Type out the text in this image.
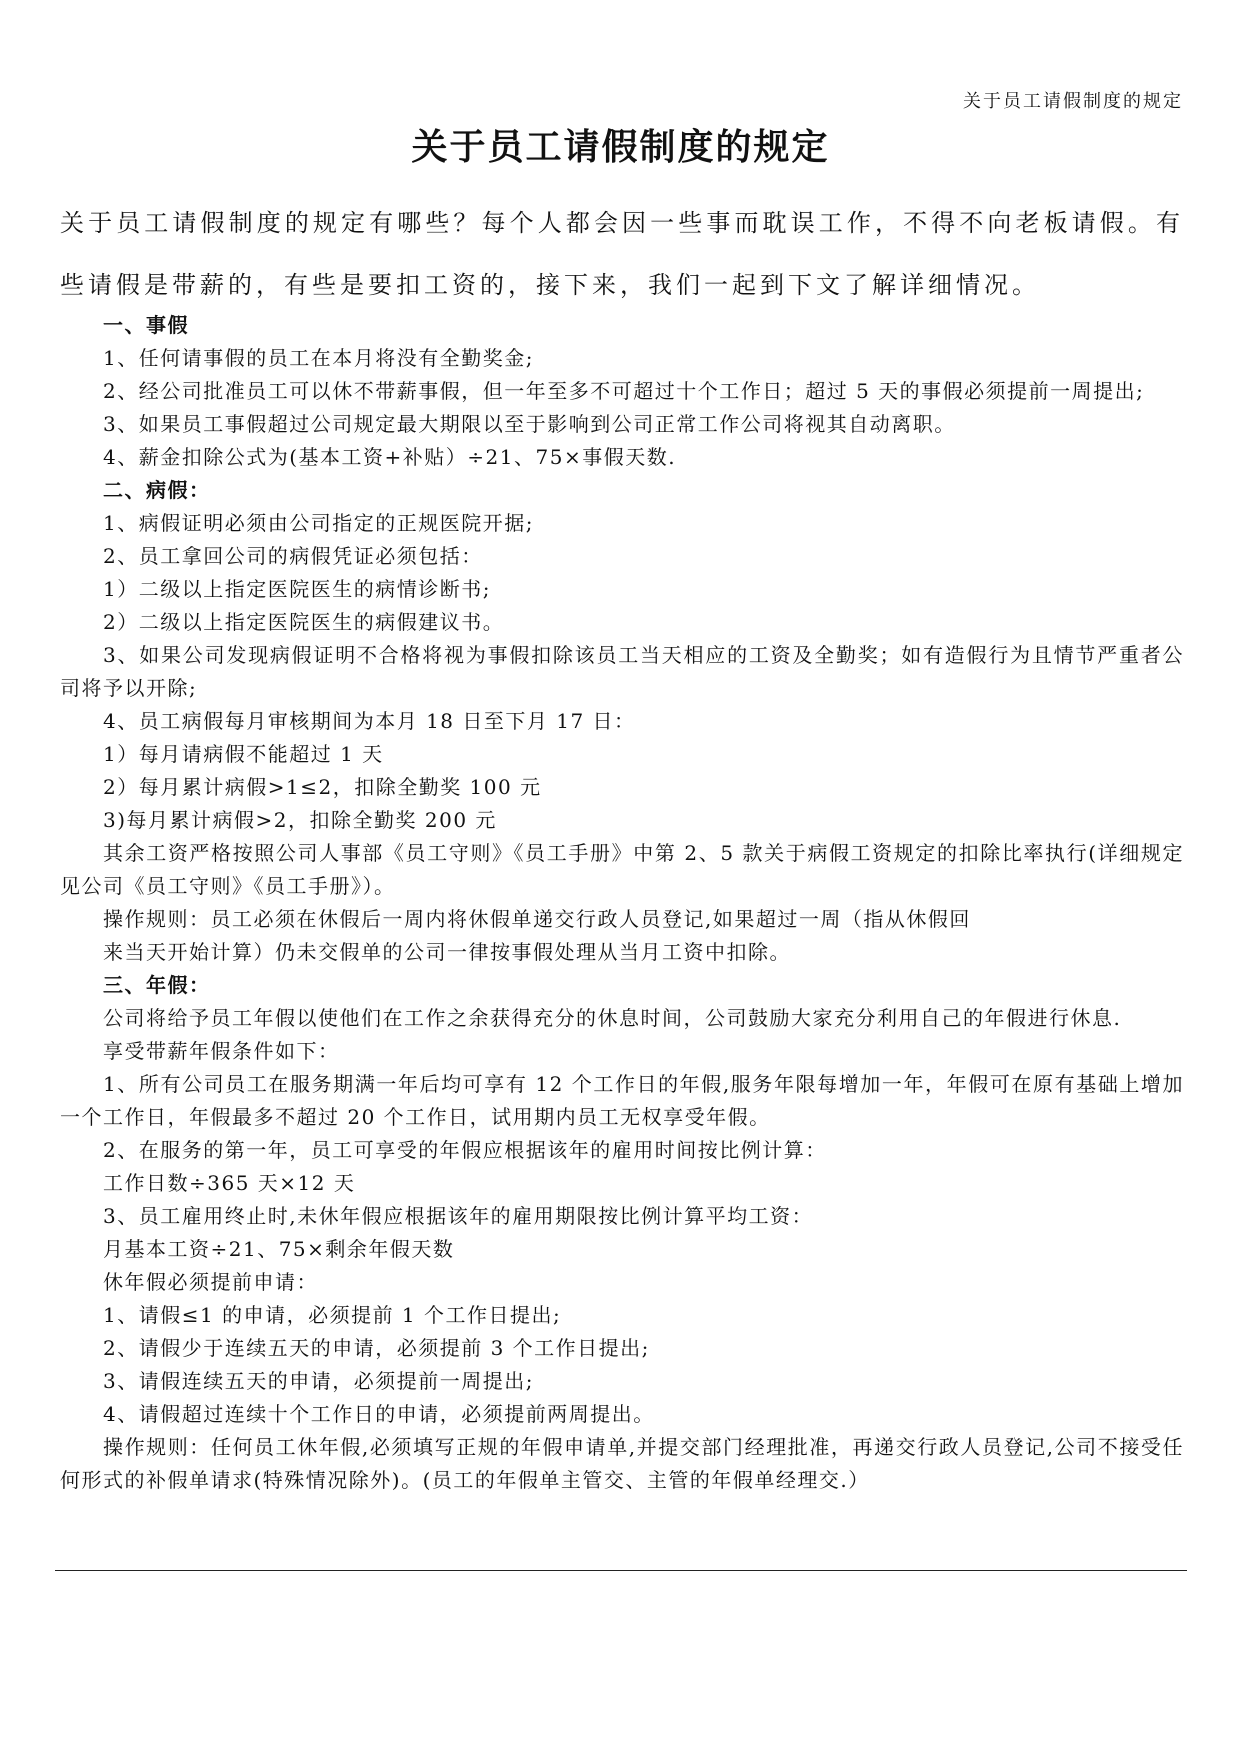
关于员工请假制度的规定
关于员工请假制度的规定
关于员工请假制度的规定有哪些？每个人都会因一些事而耽误工作，不得不向老板请假。有些请假是带薪的，有些是要扣工资的，接下来，我们一起到下文了解详细情况。

一、事假

1、任何请事假的员工在本月将没有全勤奖金;

2、经公司批准员工可以休不带薪事假，但一年至多不可超过十个工作日；超过 5 天的事假必须提前一周提出;

3、如果员工事假超过公司规定最大期限以至于影响到公司正常工作公司将视其自动离职。

4、薪金扣除公式为(基本工资+补贴）÷21、75×事假天数.

二、病假：

1、病假证明必须由公司指定的正规医院开据;

2、员工拿回公司的病假凭证必须包括：

1）二级以上指定医院医生的病情诊断书;

2）二级以上指定医院医生的病假建议书。

3、如果公司发现病假证明不合格将视为事假扣除该员工当天相应的工资及全勤奖；如有造假行为且情节严重者公司将予以开除;

4、员工病假每月审核期间为本月 18 日至下月 17 日：

1）每月请病假不能超过 1 天

2）每月累计病假>1≤2，扣除全勤奖 100 元

3)每月累计病假>2，扣除全勤奖 200 元

其余工资严格按照公司人事部《员工守则》《员工手册》中第 2、5 款关于病假工资规定的扣除比率执行(详细规定见公司《员工守则》《员工手册》）。

操作规则：员工必须在休假后一周内将休假单递交行政人员登记,如果超过一周（指从休假回

来当天开始计算）仍未交假单的公司一律按事假处理从当月工资中扣除。

三、年假：

公司将给予员工年假以使他们在工作之余获得充分的休息时间，公司鼓励大家充分利用自己的年假进行休息.

享受带薪年假条件如下：

1、所有公司员工在服务期满一年后均可享有 12 个工作日的年假,服务年限每增加一年，年假可在原有基础上增加一个工作日，年假最多不超过 20 个工作日，试用期内员工无权享受年假。

2、在服务的第一年，员工可享受的年假应根据该年的雇用时间按比例计算：

工作日数÷365 天×12 天

3、员工雇用终止时,未休年假应根据该年的雇用期限按比例计算平均工资：

月基本工资÷21、75×剩余年假天数

休年假必须提前申请：

1、请假≤1 的申请，必须提前 1 个工作日提出;

2、请假少于连续五天的申请，必须提前 3 个工作日提出;

3、请假连续五天的申请，必须提前一周提出;

4、请假超过连续十个工作日的申请，必须提前两周提出。

操作规则：任何员工休年假,必须填写正规的年假申请单,并提交部门经理批准，再递交行政人员登记,公司不接受任何形式的补假单请求(特殊情况除外)。(员工的年假单主管交、主管的年假单经理交.）
